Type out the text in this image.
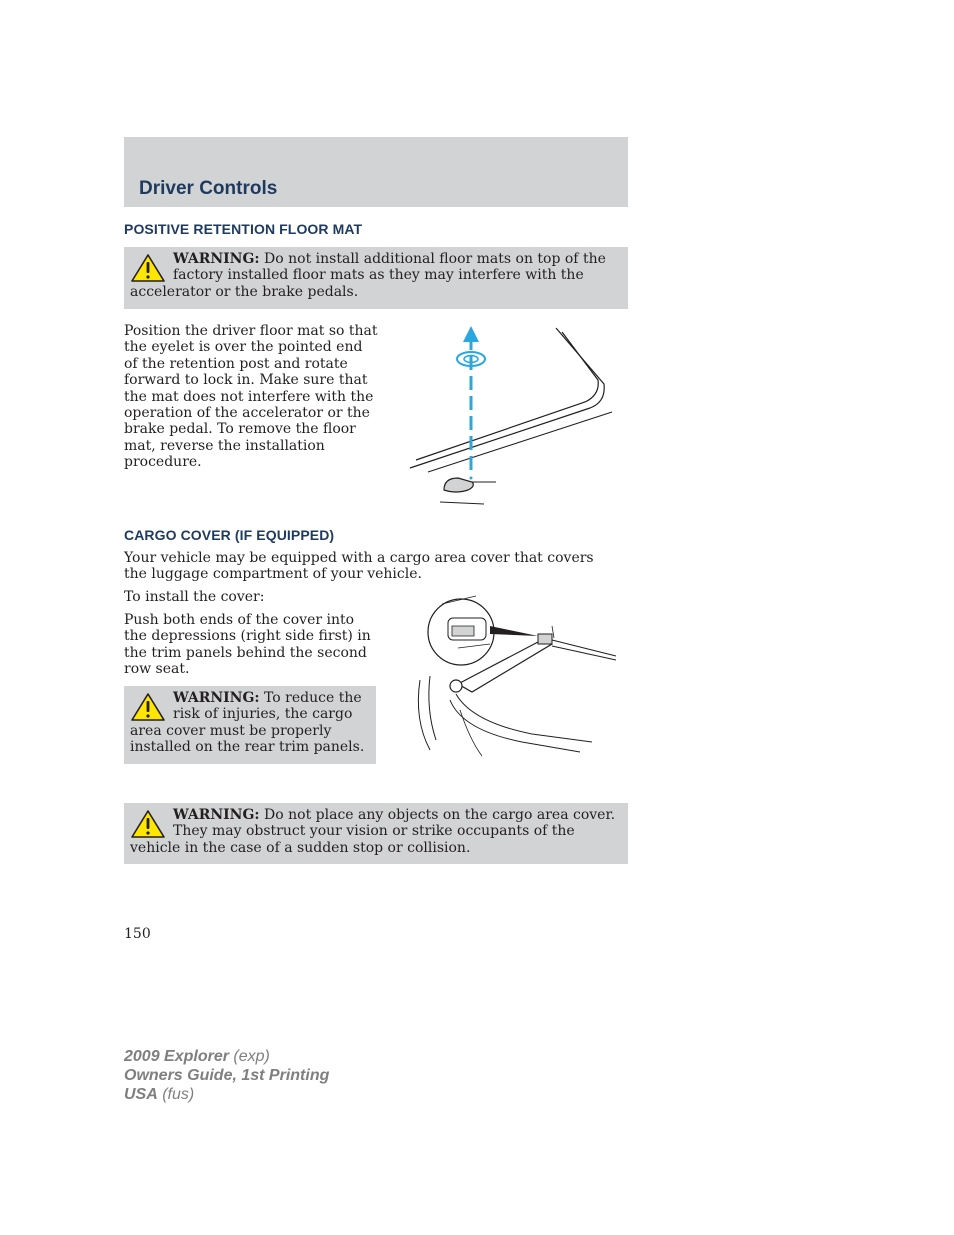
Driver Controls
POSITIVE RETENTION FLOOR MAT
WARNING: Do not install additional floor mats on top of the factory installed floor mats as they may interfere with the accelerator or the brake pedals.
Position the driver floor mat so that the eyelet is over the pointed end of the retention post and rotate forward to lock in. Make sure that the mat does not interfere with the operation of the accelerator or the brake pedal. To remove the floor mat, reverse the installation procedure.
CARGO COVER (IF EQUIPPED)
Your vehicle may be equipped with a cargo area cover that covers the luggage compartment of your vehicle.
To install the cover:
Push both ends of the cover into the depressions (right side first) in the trim panels behind the second row seat.
WARNING: To reduce the risk of injuries, the cargo area cover must be properly installed on the rear trim panels.
WARNING: Do not place any objects on the cargo area cover. They may obstruct your vision or strike occupants of the vehicle in the case of a sudden stop or collision.
150
2009 Explorer (exp)
Owners Guide, 1st Printing
USA (fus)
